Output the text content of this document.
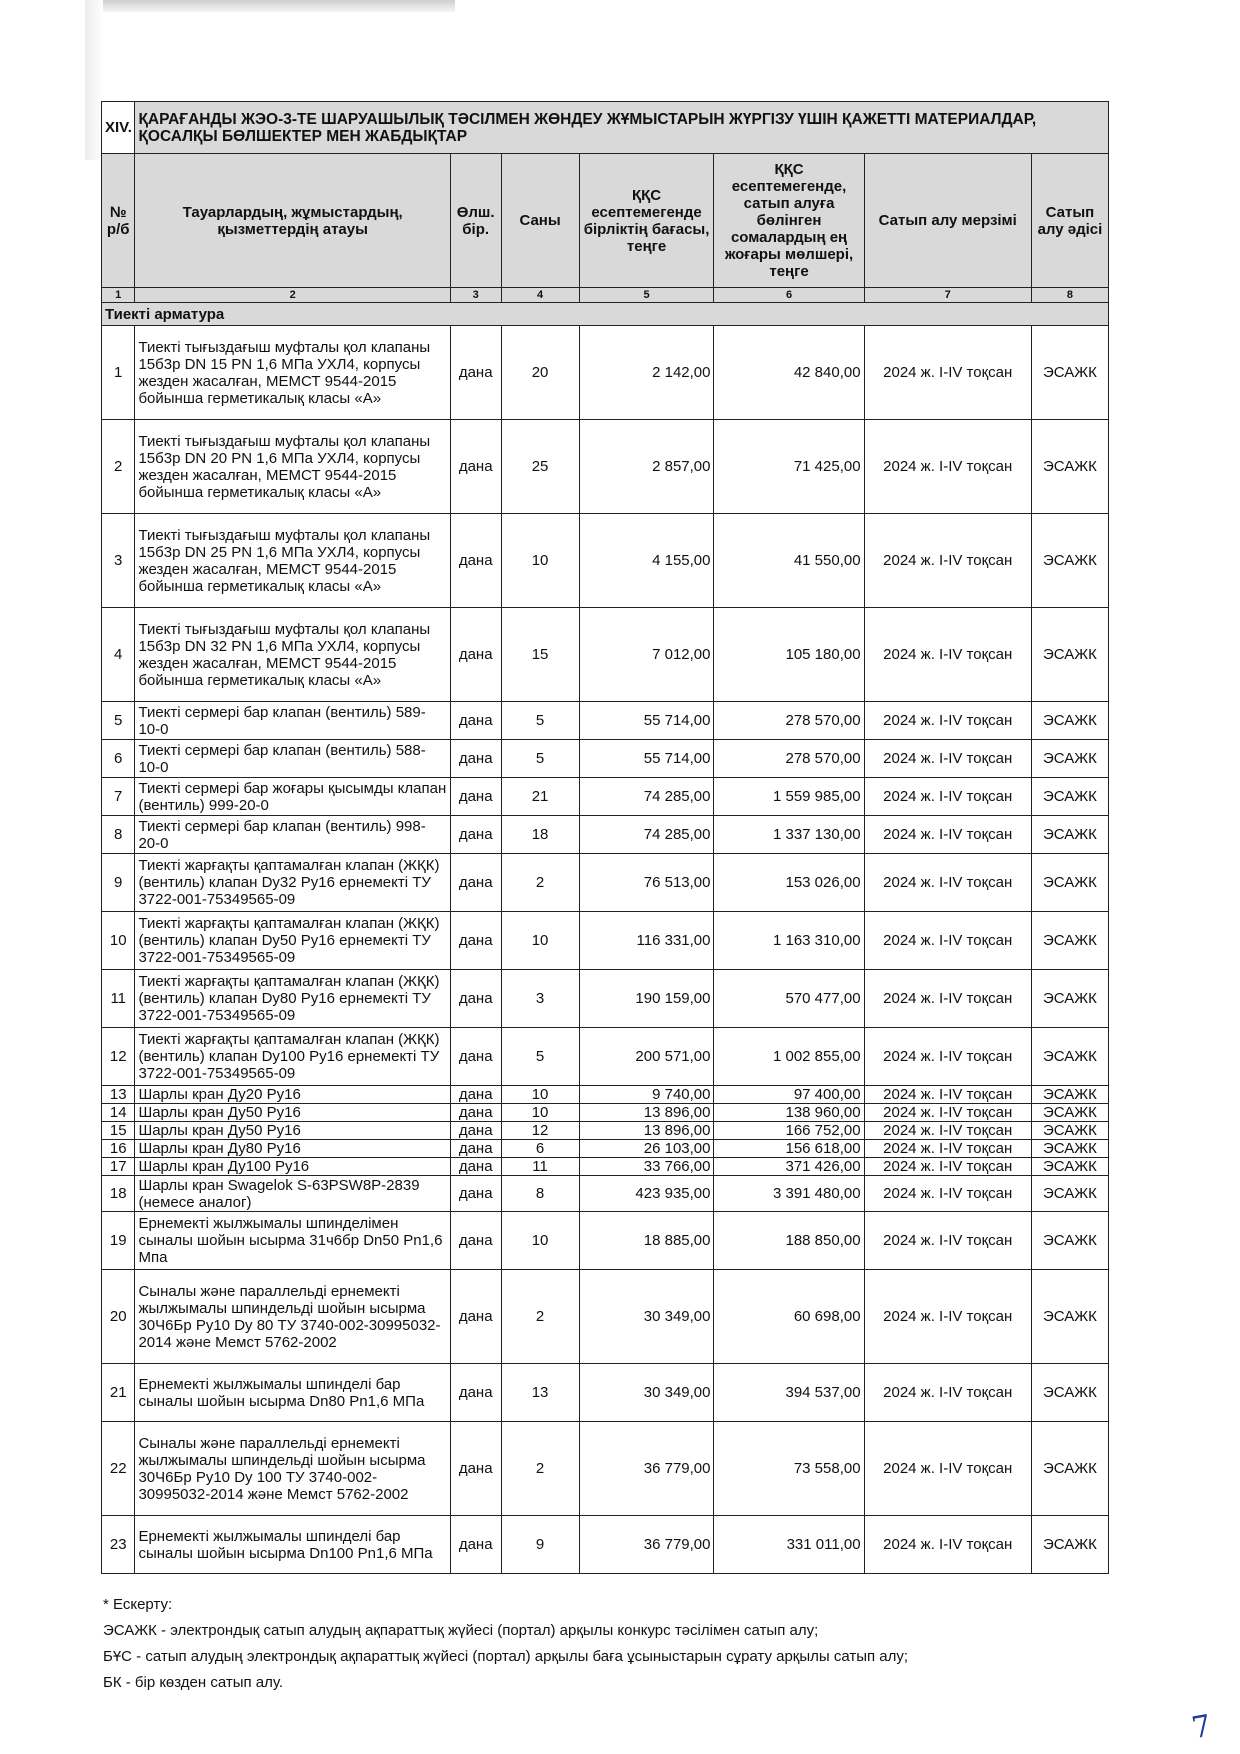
XIV.	ҚАРАҒАНДЫ ЖЭО-3-ТЕ ШАРУАШЫЛЫҚ ТӘСІЛМЕН ЖӨНДЕУ ЖҰМЫСТАРЫН ЖҮРГІЗУ ҮШІН ҚАЖЕТТІ МАТЕРИАЛДАР, ҚОСАЛҚЫ БӨЛШЕКТЕР МЕН ЖАБДЫҚТАР						
№ р/б	Тауарлардың, жұмыстардың, қызметтердің атауы	Өлш. бір.	Саны	ҚҚС есептемегенде бірліктің бағасы, теңге	ҚҚС есептемегенде, сатып алуға бөлінген сомалардың ең жоғары мөлшері, теңге	Сатып алу мерзімі	Сатып алу әдісі
1	2	3	4	5	6	7	8
Тиекті арматура							
1	Тиекті тығыздағыш муфталы қол клапаны 15б3р DN 15 PN 1,6 МПа УХЛ4, корпусы жезден жасалған, МЕМСТ 9544-2015 бойынша герметикалық класы «А»	дана	20	2 142,00	42 840,00	2024 ж. I-IV тоқсан	ЭСАЖК
2	Тиекті тығыздағыш муфталы қол клапаны 15б3р DN 20 PN 1,6 МПа УХЛ4, корпусы жезден жасалған, МЕМСТ 9544-2015 бойынша герметикалық класы «А»	дана	25	2 857,00	71 425,00	2024 ж. I-IV тоқсан	ЭСАЖК
3	Тиекті тығыздағыш муфталы қол клапаны 15б3р DN 25 PN 1,6 МПа УХЛ4, корпусы жезден жасалған, МЕМСТ 9544-2015 бойынша герметикалық класы «А»	дана	10	4 155,00	41 550,00	2024 ж. I-IV тоқсан	ЭСАЖК
4	Тиекті тығыздағыш муфталы қол клапаны 15б3р DN 32 PN 1,6 МПа УХЛ4, корпусы жезден жасалған, МЕМСТ 9544-2015 бойынша герметикалық класы «А»	дана	15	7 012,00	105 180,00	2024 ж. I-IV тоқсан	ЭСАЖК
5	Тиекті сермері бар клапан (вентиль) 589-10-0	дана	5	55 714,00	278 570,00	2024 ж. I-IV тоқсан	ЭСАЖК
6	Тиекті сермері бар клапан (вентиль) 588-10-0	дана	5	55 714,00	278 570,00	2024 ж. I-IV тоқсан	ЭСАЖК
7	Тиекті сермері бар жоғары қысымды клапан (вентиль) 999-20-0	дана	21	74 285,00	1 559 985,00	2024 ж. I-IV тоқсан	ЭСАЖК
8	Тиекті сермері бар клапан (вентиль) 998-20-0	дана	18	74 285,00	1 337 130,00	2024 ж. I-IV тоқсан	ЭСАЖК
9	Тиекті жарғақты қаптамалған клапан (ЖҚК) (вентиль) клапан Dy32 Py16 ернемекті ТУ 3722-001-75349565-09	дана	2	76 513,00	153 026,00	2024 ж. I-IV тоқсан	ЭСАЖК
10	Тиекті жарғақты қаптамалған клапан (ЖҚК) (вентиль) клапан Dy50 Py16 ернемекті ТУ 3722-001-75349565-09	дана	10	116 331,00	1 163 310,00	2024 ж. I-IV тоқсан	ЭСАЖК
11	Тиекті жарғақты қаптамалған клапан (ЖҚК) (вентиль) клапан Dy80 Py16 ернемекті ТУ 3722-001-75349565-09	дана	3	190 159,00	570 477,00	2024 ж. I-IV тоқсан	ЭСАЖК
12	Тиекті жарғақты қаптамалған клапан (ЖҚК) (вентиль) клапан Dy100 Py16 ернемекті ТУ 3722-001-75349565-09	дана	5	200 571,00	1 002 855,00	2024 ж. I-IV тоқсан	ЭСАЖК
13	Шарлы кран Ду20 Ру16	дана	10	9 740,00	97 400,00	2024 ж. I-IV тоқсан	ЭСАЖК
14	Шарлы кран Ду50 Ру16	дана	10	13 896,00	138 960,00	2024 ж. I-IV тоқсан	ЭСАЖК
15	Шарлы кран Ду50 Ру16	дана	12	13 896,00	166 752,00	2024 ж. I-IV тоқсан	ЭСАЖК
16	Шарлы кран Ду80 Ру16	дана	6	26 103,00	156 618,00	2024 ж. I-IV тоқсан	ЭСАЖК
17	Шарлы кран Ду100 Ру16	дана	11	33 766,00	371 426,00	2024 ж. I-IV тоқсан	ЭСАЖК
18	Шарлы кран Swagelok S-63PSW8P-2839 (немесе аналог)	дана	8	423 935,00	3 391 480,00	2024 ж. I-IV тоқсан	ЭСАЖК
19	Ернемекті жылжымалы шпинделімен сыналы шойын ысырма 31ч6бр Dn50 Pn1,6 Мпа	дана	10	18 885,00	188 850,00	2024 ж. I-IV тоқсан	ЭСАЖК
20	Сыналы және параллельді ернемекті жылжымалы шпиндельді шойын ысырма 30Ч6Бр Ру10 Dy 80 ТУ 3740-002-30995032-2014 және Мемст 5762-2002	дана	2	30 349,00	60 698,00	2024 ж. I-IV тоқсан	ЭСАЖК
21	Ернемекті жылжымалы шпинделі бар сыналы шойын ысырма Dn80 Pn1,6 МПа	дана	13	30 349,00	394 537,00	2024 ж. I-IV тоқсан	ЭСАЖК
22	Сыналы және параллельді ернемекті жылжымалы шпиндельді шойын ысырма 30Ч6Бр Ру10 Dy 100 ТУ 3740-002-30995032-2014 және Мемст 5762-2002	дана	2	36 779,00	73 558,00	2024 ж. I-IV тоқсан	ЭСАЖК
23	Ернемекті жылжымалы шпинделі бар сыналы шойын ысырма Dn100 Pn1,6 МПа	дана	9	36 779,00	331 011,00	2024 ж. I-IV тоқсан	ЭСАЖК
* Ескерту:
ЭСАЖК - электрондық сатып алудың ақпараттық жүйесі (портал) арқылы конкурс тәсілімен сатып алу;
БҰС - сатып алудың электрондық ақпараттық жүйесі (портал) арқылы баға ұсыныстарын сұрату арқылы сатып алу;
БК - бір көзден сатып алу.
7
